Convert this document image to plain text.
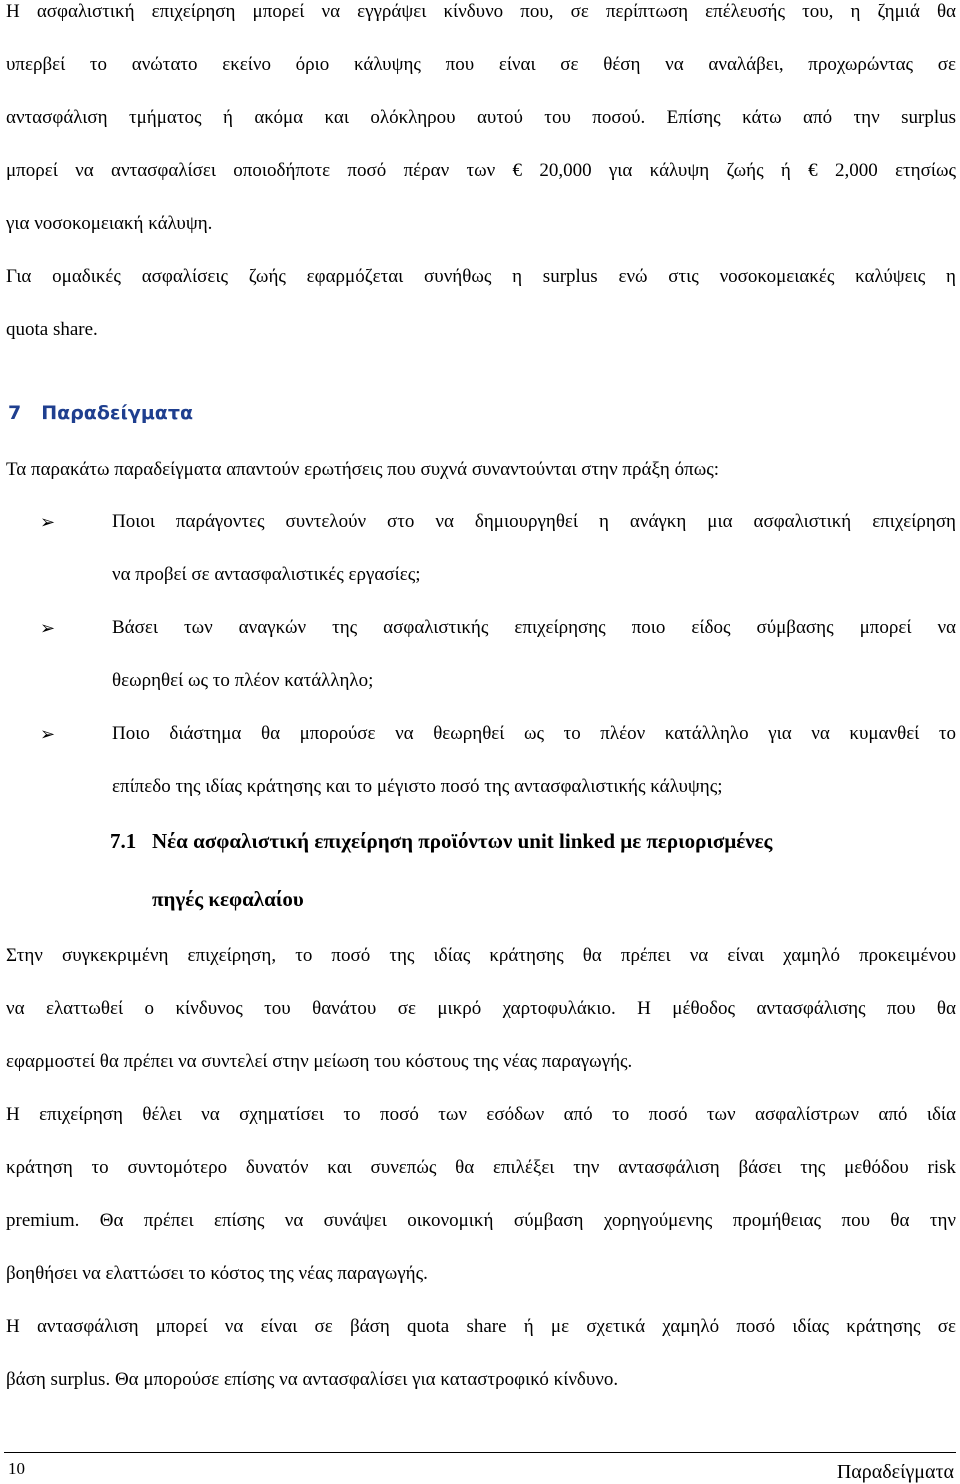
Η ασφαλιστική επιχείρηση μπορεί να εγγράψει κίνδυνο που, σε περίπτωση επέλευσής του, η ζημιά θα
υπερβεί το ανώτατο εκείνο όριο κάλυψης που είναι σε θέση να αναλάβει, προχωρώντας σε
αντασφάλιση τμήματος ή ακόμα και ολόκληρου αυτού του ποσού. Επίσης κάτω από την surplus
μπορεί να αντασφαλίσει οποιοδήποτε ποσό πέραν των € 20,000 για κάλυψη ζωής ή € 2,000 ετησίως
για νοσοκομειακή κάλυψη.
Για ομαδικές ασφαλίσεις ζωής εφαρμόζεται συνήθως η surplus ενώ στις νοσοκομειακές καλύψεις η
quota share.
7 Παραδείγματα
Τα παρακάτω παραδείγματα απαντούν ερωτήσεις που συχνά συναντούνται στην πράξη όπως:
➢	Ποιοι παράγοντες συντελούν στο να δημιουργηθεί η ανάγκη μια ασφαλιστική επιχείρηση
να προβεί σε αντασφαλιστικές εργασίες;
➢	Βάσει των αναγκών της ασφαλιστικής επιχείρησης ποιο είδος σύμβασης μπορεί να
θεωρηθεί ως το πλέον κατάλληλο;
➢	Ποιο διάστημα θα μπορούσε να θεωρηθεί ως το πλέον κατάλληλο για να κυμανθεί το
επίπεδο της ιδίας κράτησης και το μέγιστο ποσό της αντασφαλιστικής κάλυψης;
7.1 Νέα ασφαλιστική επιχείρηση προϊόντων unit linked με περιορισμένες
πηγές κεφαλαίου
Στην συγκεκριμένη επιχείρηση, το ποσό της ιδίας κράτησης θα πρέπει να είναι χαμηλό προκειμένου
να ελαττωθεί ο κίνδυνος του θανάτου σε μικρό χαρτοφυλάκιο. Η μέθοδος αντασφάλισης που θα
εφαρμοστεί θα πρέπει να συντελεί στην μείωση του κόστους της νέας παραγωγής.
Η επιχείρηση θέλει να σχηματίσει το ποσό των εσόδων από το ποσό των ασφαλίστρων από ιδία
κράτηση το συντομότερο δυνατόν και συνεπώς θα επιλέξει την αντασφάλιση βάσει της μεθόδου risk
premium. Θα πρέπει επίσης να συνάψει οικονομική σύμβαση χορηγούμενης προμήθειας που θα την
βοηθήσει να ελαττώσει το κόστος της νέας παραγωγής.
Η αντασφάλιση μπορεί να είναι σε βάση quota share ή με σχετικά χαμηλό ποσό ιδίας κράτησης σε
βάση surplus. Θα μπορούσε επίσης να αντασφαλίσει για καταστροφικό κίνδυνο.
10	Παραδείγματα
